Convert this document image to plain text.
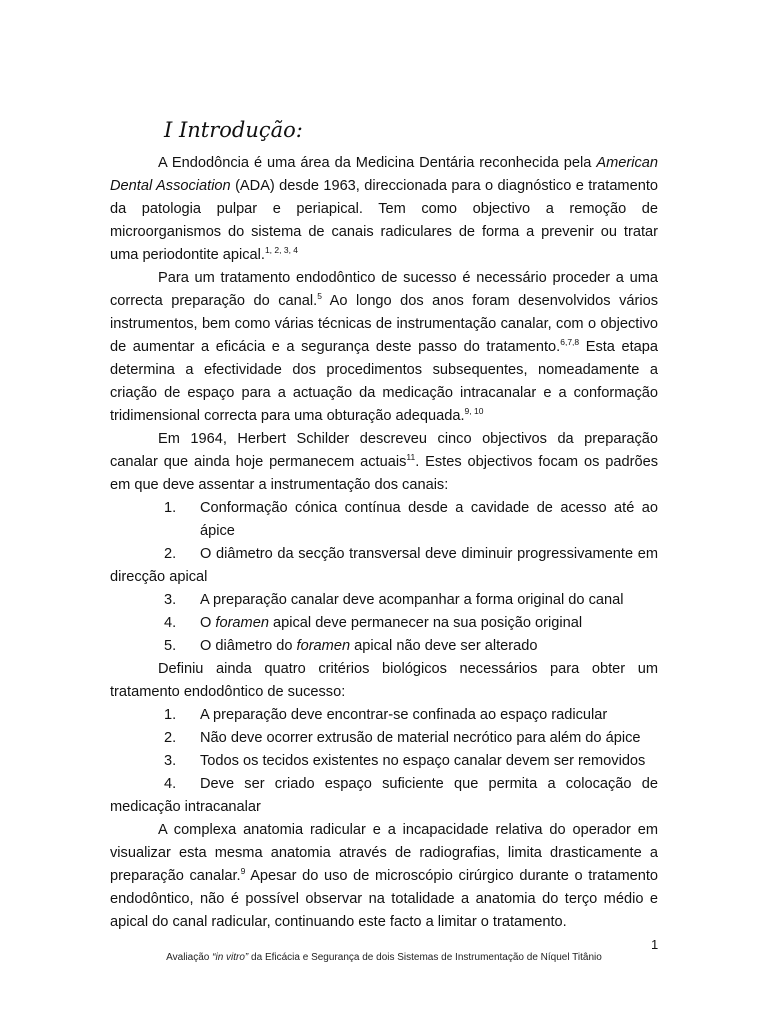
I Introdução:

A Endodôncia é uma área da Medicina Dentária reconhecida pela American Dental Association (ADA) desde 1963, direccionada para o diagnóstico e tratamento da patologia pulpar e periapical. Tem como objectivo a remoção de microorganismos do sistema de canais radiculares de forma a prevenir ou tratar uma periodontite apical.$^{1, 2, 3, 4}$

Para um tratamento endodôntico de sucesso é necessário proceder a uma correcta preparação do canal.$^5$ Ao longo dos anos foram desenvolvidos vários instrumentos, bem como várias técnicas de instrumentação canalar, com o objectivo de aumentar a eficácia e a segurança deste passo do tratamento.$^{6,7,8}$ Esta etapa determina a efectividade dos procedimentos subsequentes, nomeadamente a criação de espaço para a actuação da medicação intracanalar e a conformação tridimensional correcta para uma obturação adequada.$^{9, 10}$

Em 1964, Herbert Schilder descreveu cinco objectivos da preparação canalar que ainda hoje permanecem actuais$^{11}$. Estes objectivos focam os padrões em que deve assentar a instrumentação dos canais:

1.	Conformação cónica contínua desde a cavidade de acesso até ao ápice
2. O diâmetro da secção transversal deve diminuir progressivamente em direcção apical
3.	A preparação canalar deve acompanhar a forma original do canal
4.	O foramen apical deve permanecer na sua posição original
5.	O diâmetro do foramen apical não deve ser alterado

Definiu ainda quatro critérios biológicos necessários para obter um tratamento endodôntico de sucesso:

1.	A preparação deve encontrar-se confinada ao espaço radicular
2.	Não deve ocorrer extrusão de material necrótico para além do ápice
3.	Todos os tecidos existentes no espaço canalar devem ser removidos
4. Deve ser criado espaço suficiente que permita a colocação de medicação intracanalar

A complexa anatomia radicular e a incapacidade relativa do operador em visualizar esta mesma anatomia através de radiografias, limita drasticamente a preparação canalar.$^9$ Apesar do uso de microscópio cirúrgico durante o tratamento endodôntico, não é possível observar na totalidade a anatomia do terço médio e apical do canal radicular, continuando este facto a limitar o tratamento.

1
Avaliação “in vitro” da Eficácia e Segurança de dois Sistemas de Instrumentação de Níquel Titânio
